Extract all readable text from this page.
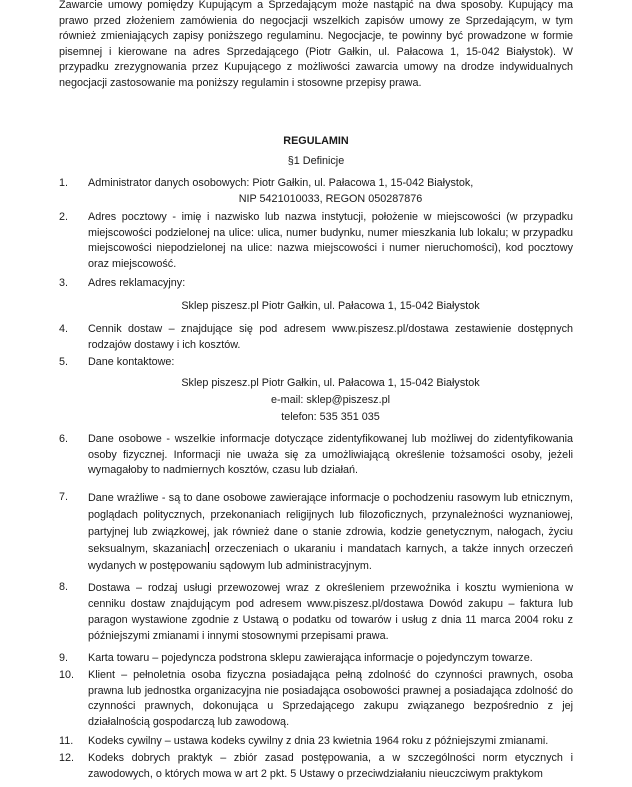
Zawarcie umowy pomiędzy Kupującym a Sprzedającym może nastąpić na dwa sposoby. Kupujący ma prawo przed złożeniem zamówienia do negocjacji wszelkich zapisów umowy ze Sprzedającym, w tym również zmieniających zapisy poniższego regulaminu. Negocjacje, te powinny być prowadzone w formie pisemnej i kierowane na adres Sprzedającego (Piotr Gałkin, ul. Pałacowa 1, 15-042 Białystok). W przypadku zrezygnowania przez Kupującego z możliwości zawarcia umowy na drodze indywidualnych negocjacji zastosowanie ma poniższy regulamin i stosowne przepisy prawa.
REGULAMIN
§1 Definicje
1. Administrator danych osobowych: Piotr Gałkin, ul. Pałacowa 1, 15-042 Białystok,
NIP 5421010033, REGON 050287876
2. Adres pocztowy - imię i nazwisko lub nazwa instytucji, położenie w miejscowości (w przypadku miejscowości podzielonej na ulice: ulica, numer budynku, numer mieszkania lub lokalu; w przypadku miejscowości niepodzielonej na ulice: nazwa miejscowości i numer nieruchomości), kod pocztowy oraz miejscowość.
3. Adres reklamacyjny:
Sklep piszesz.pl Piotr Gałkin, ul. Pałacowa 1, 15-042 Białystok
4. Cennik dostaw – znajdujące się pod adresem www.piszesz.pl/dostawa zestawienie dostępnych rodzajów dostawy i ich kosztów.
5. Dane kontaktowe:
Sklep piszesz.pl Piotr Gałkin, ul. Pałacowa 1, 15-042 Białystok
e-mail: sklep@piszesz.pl
telefon: 535 351 035
6. Dane osobowe - wszelkie informacje dotyczące zidentyfikowanej lub możliwej do zidentyfikowania osoby fizycznej. Informacji nie uważa się za umożliwiającą określenie tożsamości osoby, jeżeli wymagałoby to nadmiernych kosztów, czasu lub działań.
7. Dane wrażliwe - są to dane osobowe zawierające informacje o pochodzeniu rasowym lub etnicznym, poglądach politycznych, przekonaniach religijnych lub filozoficznych, przynależności wyznaniowej, partyjnej lub związkowej, jak również dane o stanie zdrowia, kodzie genetycznym, nałogach, życiu seksualnym, skazaniach orzeczeniach o ukaraniu i mandatach karnych, a także innych orzeczeń wydanych w postępowaniu sądowym lub administracyjnym.
8. Dostawa – rodzaj usługi przewozowej wraz z określeniem przewoźnika i kosztu wymieniona w cenniku dostaw znajdującym pod adresem www.piszesz.pl/dostawa Dowód zakupu – faktura lub paragon wystawione zgodnie z Ustawą o podatku od towarów i usług z dnia 11 marca 2004 roku z późniejszymi zmianami i innymi stosownymi przepisami prawa.
9. Karta towaru – pojedyncza podstrona sklepu zawierająca informacje o pojedynczym towarze.
10. Klient – pełnoletnia osoba fizyczna posiadająca pełną zdolność do czynności prawnych, osoba prawna lub jednostka organizacyjna nie posiadająca osobowości prawnej a posiadająca zdolność do czynności prawnych, dokonująca u Sprzedającego zakupu związanego bezpośrednio z jej działalnością gospodarczą lub zawodową.
11. Kodeks cywilny – ustawa kodeks cywilny z dnia 23 kwietnia 1964 roku z późniejszymi zmianami.
12. Kodeks dobrych praktyk – zbiór zasad postępowania, a w szczególności norm etycznych i zawodowych, o których mowa w art 2 pkt. 5 Ustawy o przeciwdziałaniu nieuczciwym praktykom
